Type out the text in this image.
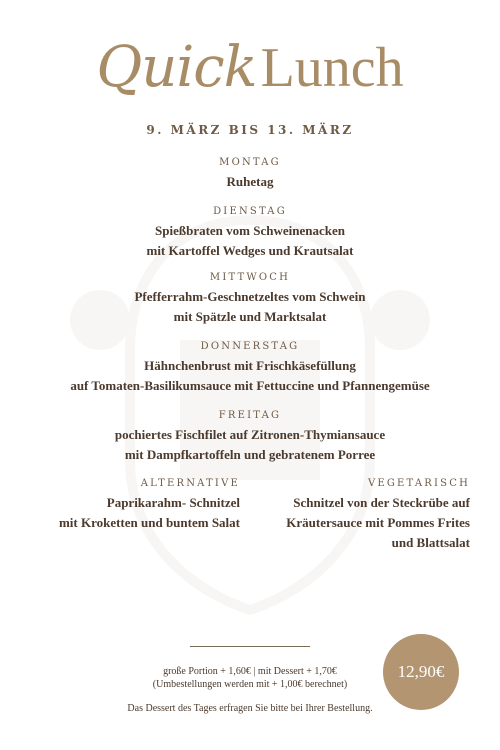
QuickLunch
9. MÄRZ BIS 13. MÄRZ
MONTAG
Ruhetag
DIENSTAG
Spießbraten vom Schweinenacken
mit Kartoffel Wedges und Krautsalat
MITTWOCH
Pfefferrahm-Geschnetzeltes vom Schwein
mit Spätzle und Marktsalat
DONNERSTAG
Hähnchenbrust mit Frischkäsefüllung
auf Tomaten-Basilikumsauce mit Fettuccine und Pfannengemüse
FREITAG
pochiertes Fischfilet auf Zitronen-Thymiansauce
mit Dampfkartoffeln und gebratenem Porree
ALTERNATIVE
Paprikarahm- Schnitzel
mit Kroketten und buntem Salat
VEGETARISCH
Schnitzel von der Steckrübe auf
Kräutersauce mit Pommes Frites
und Blattsalat
große Portion + 1,60€ | mit Dessert + 1,70€
(Umbestellungen werden mit + 1,00€ berechnet)
Das Dessert des Tages erfragen Sie bitte bei Ihrer Bestellung.
12,90€
